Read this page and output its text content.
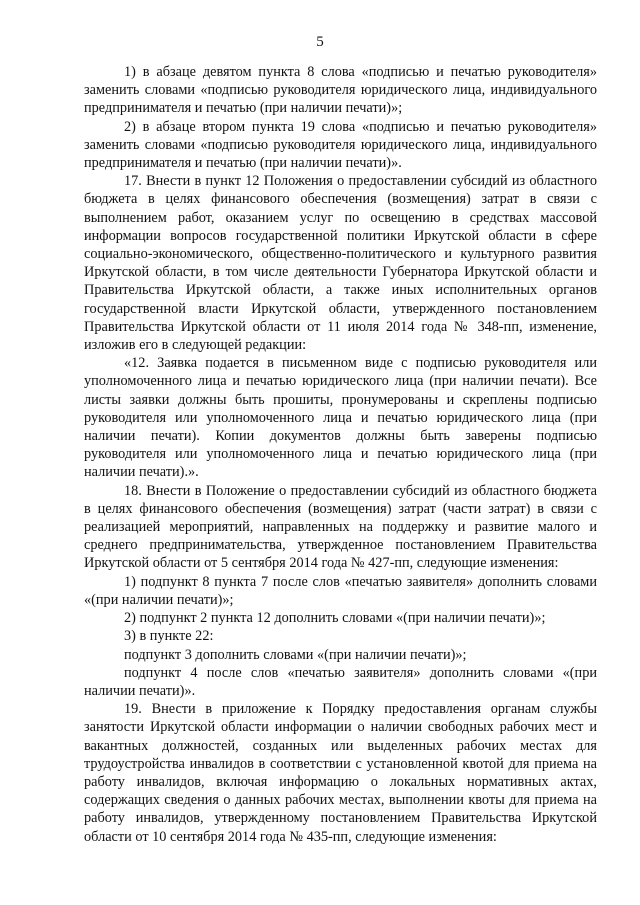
5

1) в абзаце девятом пункта 8 слова «подписью и печатью руководителя» заменить словами «подписью руководителя юридического лица, индивидуального предпринимателя и печатью (при наличии печати)»;

2) в абзаце втором пункта 19 слова «подписью и печатью руководителя» заменить словами «подписью руководителя юридического лица, индивидуального предпринимателя и печатью (при наличии печати)».

17. Внести в пункт 12 Положения о предоставлении субсидий из областного бюджета в целях финансового обеспечения (возмещения) затрат в связи с выполнением работ, оказанием услуг по освещению в средствах массовой информации вопросов государственной политики Иркутской области в сфере социально-экономического, общественно-политического и культурного развития Иркутской области, в том числе деятельности Губернатора Иркутской области и Правительства Иркутской области, а также иных исполнительных органов государственной власти Иркутской области, утвержденного постановлением Правительства Иркутской области от 11 июля 2014 года № 348-пп, изменение, изложив его в следующей редакции:

«12. Заявка подается в письменном виде с подписью руководителя или уполномоченного лица и печатью юридического лица (при наличии печати). Все листы заявки должны быть прошиты, пронумерованы и скреплены подписью руководителя или уполномоченного лица и печатью юридического лица (при наличии печати). Копии документов должны быть заверены подписью руководителя или уполномоченного лица и печатью юридического лица (при наличии печати).».

18. Внести в Положение о предоставлении субсидий из областного бюджета в целях финансового обеспечения (возмещения) затрат (части затрат) в связи с реализацией мероприятий, направленных на поддержку и развитие малого и среднего предпринимательства, утвержденное постановлением Правительства Иркутской области от 5 сентября 2014 года № 427-пп, следующие изменения:

1) подпункт 8 пункта 7 после слов «печатью заявителя» дополнить словами «(при наличии печати)»;

2) подпункт 2 пункта 12 дополнить словами «(при наличии печати)»;

3) в пункте 22:

подпункт 3 дополнить словами «(при наличии печати)»;

подпункт 4 после слов «печатью заявителя» дополнить словами «(при наличии печати)».

19. Внести в приложение к Порядку предоставления органам службы занятости Иркутской области информации о наличии свободных рабочих мест и вакантных должностей, созданных или выделенных рабочих местах для трудоустройства инвалидов в соответствии с установленной квотой для приема на работу инвалидов, включая информацию о локальных нормативных актах, содержащих сведения о данных рабочих местах, выполнении квоты для приема на работу инвалидов, утвержденному постановлением Правительства Иркутской области от 10 сентября 2014 года № 435-пп, следующие изменения:
